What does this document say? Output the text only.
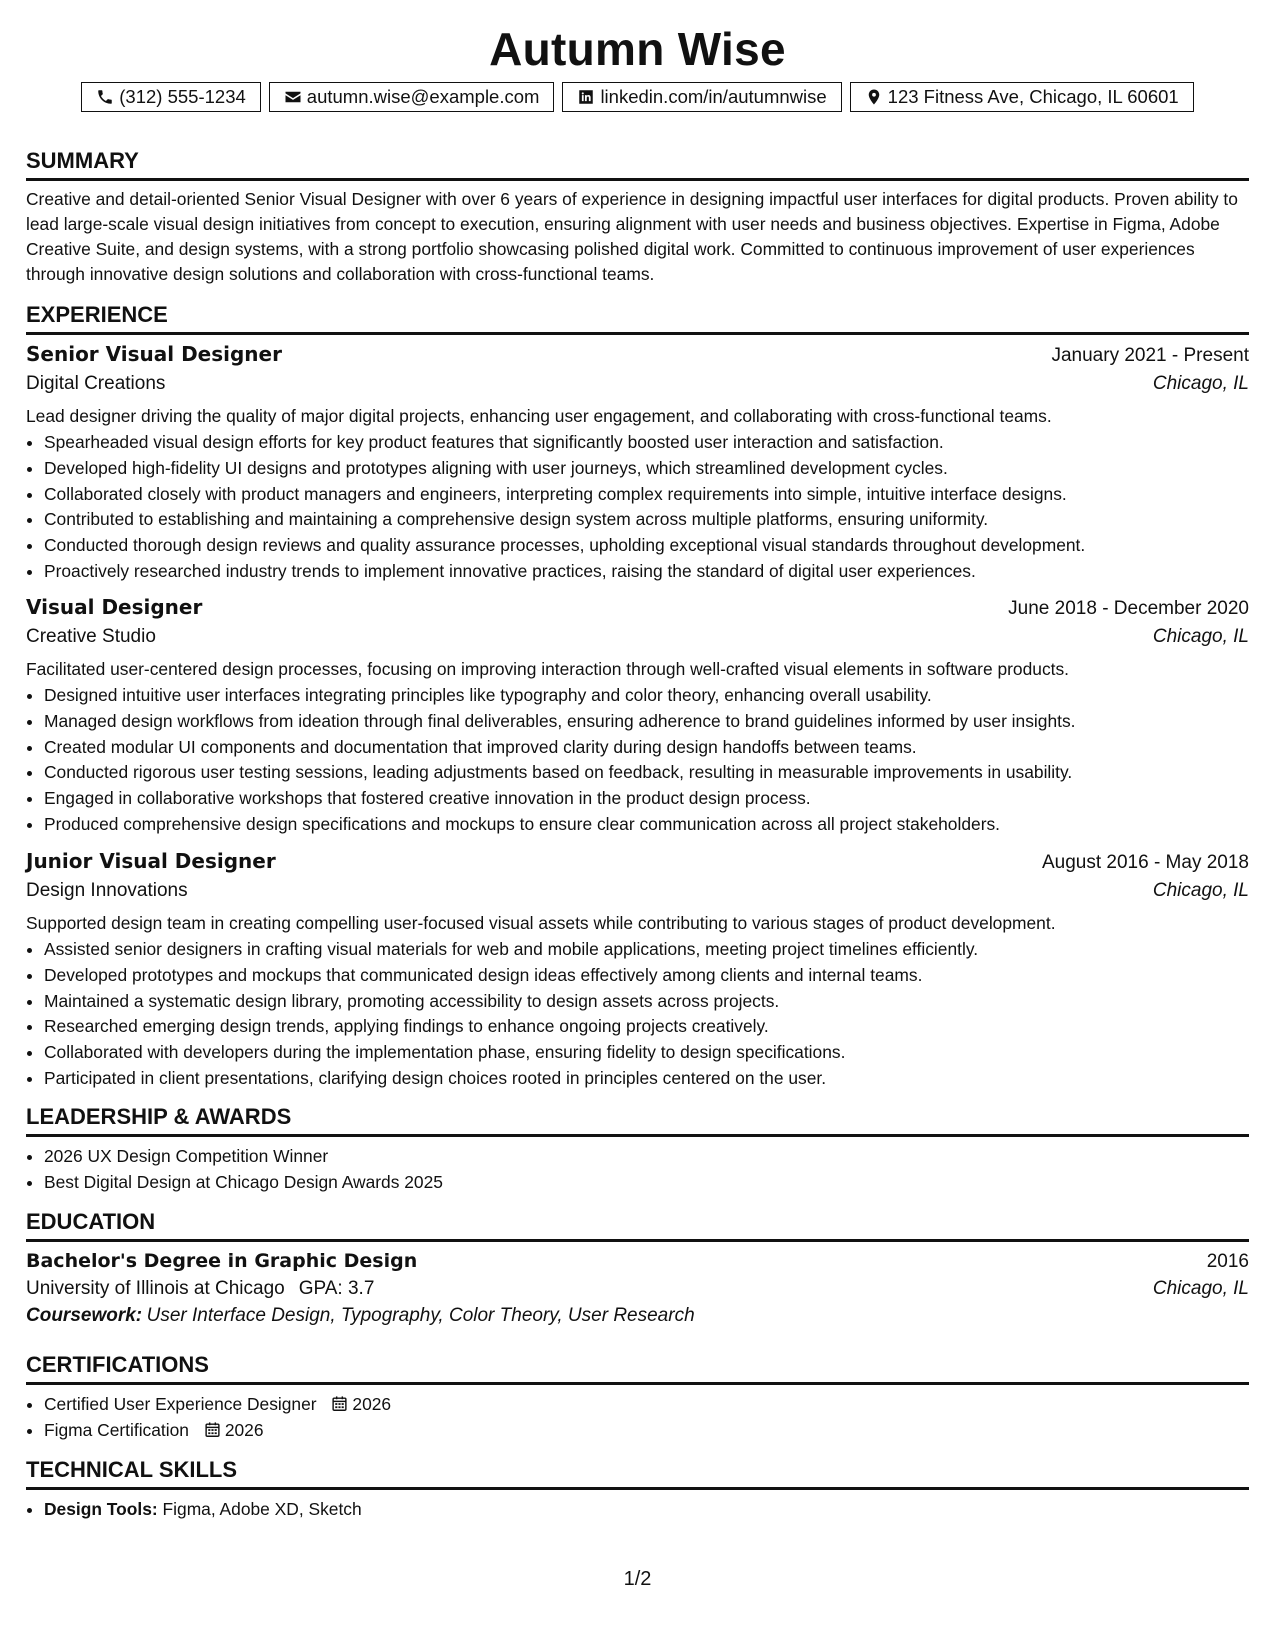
Autumn Wise
(312) 555-1234	autumn.wise@example.com	linkedin.com/in/autumnwise	123 Fitness Ave, Chicago, IL 60601
SUMMARY

Creative and detail-oriented Senior Visual Designer with over 6 years of experience in designing impactful user interfaces for digital products. Proven ability to lead large-scale visual design initiatives from concept to execution, ensuring alignment with user needs and business objectives. Expertise in Figma, Adobe Creative Suite, and design systems, with a strong portfolio showcasing polished digital work. Committed to continuous improvement of user experiences through innovative design solutions and collaboration with cross-functional teams.

EXPERIENCE
Senior Visual Designer	January 2021 - Present
Digital Creations	Chicago, IL
Lead designer driving the quality of major digital projects, enhancing user engagement, and collaborating with cross-functional teams.
• Spearheaded visual design efforts for key product features that significantly boosted user interaction and satisfaction.
• Developed high-fidelity UI designs and prototypes aligning with user journeys, which streamlined development cycles.
• Collaborated closely with product managers and engineers, interpreting complex requirements into simple, intuitive interface designs.
• Contributed to establishing and maintaining a comprehensive design system across multiple platforms, ensuring uniformity.
• Conducted thorough design reviews and quality assurance processes, upholding exceptional visual standards throughout development.
• Proactively researched industry trends to implement innovative practices, raising the standard of digital user experiences.
Visual Designer	June 2018 - December 2020
Creative Studio	Chicago, IL
Facilitated user-centered design processes, focusing on improving interaction through well-crafted visual elements in software products.
• Designed intuitive user interfaces integrating principles like typography and color theory, enhancing overall usability.
• Managed design workflows from ideation through final deliverables, ensuring adherence to brand guidelines informed by user insights.
• Created modular UI components and documentation that improved clarity during design handoffs between teams.
• Conducted rigorous user testing sessions, leading adjustments based on feedback, resulting in measurable improvements in usability.
• Engaged in collaborative workshops that fostered creative innovation in the product design process.
• Produced comprehensive design specifications and mockups to ensure clear communication across all project stakeholders.
Junior Visual Designer	August 2016 - May 2018
Design Innovations	Chicago, IL
Supported design team in creating compelling user-focused visual assets while contributing to various stages of product development.
• Assisted senior designers in crafting visual materials for web and mobile applications, meeting project timelines efficiently.
• Developed prototypes and mockups that communicated design ideas effectively among clients and internal teams.
• Maintained a systematic design library, promoting accessibility to design assets across projects.
• Researched emerging design trends, applying findings to enhance ongoing projects creatively.
• Collaborated with developers during the implementation phase, ensuring fidelity to design specifications.
• Participated in client presentations, clarifying design choices rooted in principles centered on the user.
LEADERSHIP & AWARDS
• 2026 UX Design Competition Winner
• Best Digital Design at Chicago Design Awards 2025
EDUCATION
Bachelor's Degree in Graphic Design	2016
University of Illinois at Chicago GPA: 3.7	Chicago, IL
Coursework: User Interface Design, Typography, Color Theory, User Research
CERTIFICATIONS
• Certified User Experience Designer 2026
• Figma Certification 2026
TECHNICAL SKILLS
• Design Tools: Figma, Adobe XD, Sketch
1/2
